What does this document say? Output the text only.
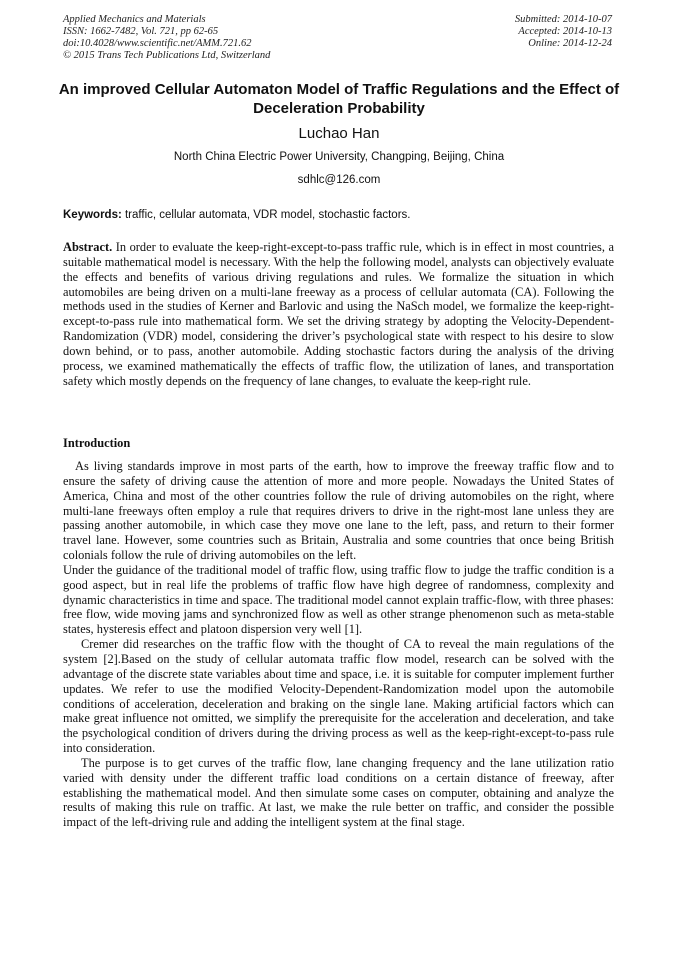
Applied Mechanics and Materials
ISSN: 1662-7482, Vol. 721, pp 62-65
doi:10.4028/www.scientific.net/AMM.721.62
© 2015 Trans Tech Publications Ltd, Switzerland
Submitted: 2014-10-07
Accepted: 2014-10-13
Online: 2014-12-24
An improved Cellular Automaton Model of Traffic Regulations and the Effect of Deceleration Probability
Luchao Han
North China Electric Power University, Changping, Beijing, China
sdhlc@126.com
Keywords: traffic, cellular automata, VDR model, stochastic factors.

Abstract. In order to evaluate the keep-right-except-to-pass traffic rule, which is in effect in most countries, a suitable mathematical model is necessary. With the help the following model, analysts can objectively evaluate the effects and benefits of various driving regulations and rules. We formalize the situation in which automobiles are being driven on a multi-lane freeway as a process of cellular automata (CA). Following the methods used in the studies of Kerner and Barlovic and using the NaSch model, we formalize the keep-right-except-to-pass rule into mathematical form. We set the driving strategy by adopting the Velocity-Dependent-Randomization (VDR) model, considering the driver’s psychological state with respect to his desire to slow down behind, or to pass, another automobile. Adding stochastic factors during the analysis of the driving process, we examined mathematically the effects of traffic flow, the utilization of lanes, and transportation safety which mostly depends on the frequency of lane changes, to evaluate the keep-right rule.

Introduction

As living standards improve in most parts of the earth, how to improve the freeway traffic flow and to ensure the safety of driving cause the attention of more and more people. Nowadays the United States of America, China and most of the other countries follow the rule of driving automobiles on the right, where multi-lane freeways often employ a rule that requires drivers to drive in the right-most lane unless they are passing another automobile, in which case they move one lane to the left, pass, and return to their former travel lane. However, some countries such as Britain, Australia and some countries that once being British colonials follow the rule of driving automobiles on the left.

Under the guidance of the traditional model of traffic flow, using traffic flow to judge the traffic condition is a good aspect, but in real life the problems of traffic flow have high degree of randomness, complexity and dynamic characteristics in time and space. The traditional model cannot explain traffic-flow, with three phases: free flow, wide moving jams and synchronized flow as well as other strange phenomenon such as meta-stable states, hysteresis effect and platoon dispersion very well [1].

Cremer did researches on the traffic flow with the thought of CA to reveal the main regulations of the system [2].Based on the study of cellular automata traffic flow model, research can be solved with the advantage of the discrete state variables about time and space, i.e. it is suitable for computer implement further updates. We refer to use the modified Velocity-Dependent-Randomization model upon the automobile conditions of acceleration, deceleration and braking on the single lane. Making artificial factors which can make great influence not omitted, we simplify the prerequisite for the acceleration and deceleration, and take the psychological condition of drivers during the driving process as well as the keep-right-except-to-pass rule into consideration.

The purpose is to get curves of the traffic flow, lane changing frequency and the lane utilization ratio varied with density under the different traffic load conditions on a certain distance of freeway, after establishing the mathematical model. And then simulate some cases on computer, obtaining and analyze the results of making this rule on traffic. At last, we make the rule better on traffic, and consider the possible impact of the left-driving rule and adding the intelligent system at the final stage.
